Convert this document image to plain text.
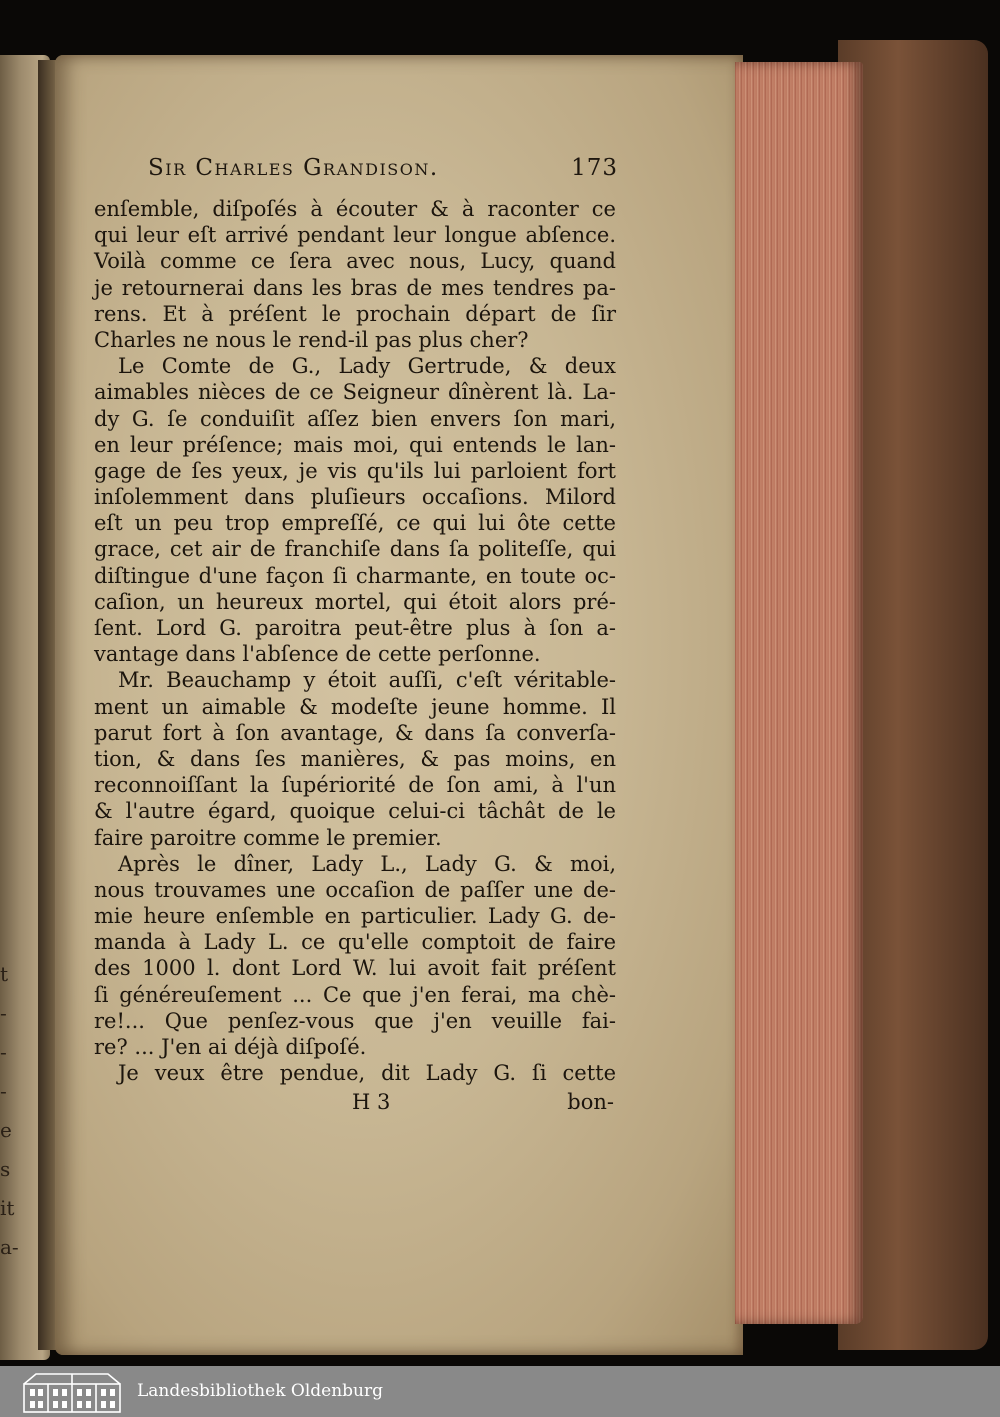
t
-
-
-
e
s
it
a-
Sir Charles Grandison.	173
enſemble, diſpoſés à écouter & à raconter ce
qui leur eſt arrivé pendant leur longue abſence.
Voilà comme ce ſera avec nous, Lucy, quand
je retournerai dans les bras de mes tendres pa-
rens. Et à préſent le prochain départ de ſir
Charles ne nous le rend-il pas plus cher?
Le Comte de G., Lady Gertrude, & deux
aimables nièces de ce Seigneur dînèrent là. La-
dy G. ſe conduiſit aſſez bien envers ſon mari,
en leur préſence; mais moi, qui entends le lan-
gage de ſes yeux, je vis qu'ils lui parloient fort
inſolemment dans pluſieurs occaſions. Milord
eſt un peu trop empreſſé, ce qui lui ôte cette
grace, cet air de franchiſe dans ſa politeſſe, qui
diſtingue d'une façon ſi charmante, en toute oc-
caſion, un heureux mortel, qui étoit alors pré-
ſent. Lord G. paroitra peut-être plus à ſon a-
vantage dans l'abſence de cette perſonne.
Mr. Beauchamp y étoit auſſi, c'eſt véritable-
ment un aimable & modeſte jeune homme. Il
parut fort à ſon avantage, & dans ſa converſa-
tion, & dans ſes manières, & pas moins, en
reconnoiſſant la ſupériorité de ſon ami, à l'un
& l'autre égard, quoique celui-ci tâchât de le
faire paroitre comme le premier.
Après le dîner, Lady L., Lady G. & moi,
nous trouvames une occaſion de paſſer une de-
mie heure enſemble en particulier. Lady G. de-
manda à Lady L. ce qu'elle comptoit de faire
des 1000 l. dont Lord W. lui avoit fait préſent
ſi généreuſement ... Ce que j'en ferai, ma chè-
re!... Que penſez-vous que j'en veuille fai-
re? ... J'en ai déjà diſpoſé.
Je veux être pendue, dit Lady G. ſi cette
H 3	bon-
Landesbibliothek Oldenburg
